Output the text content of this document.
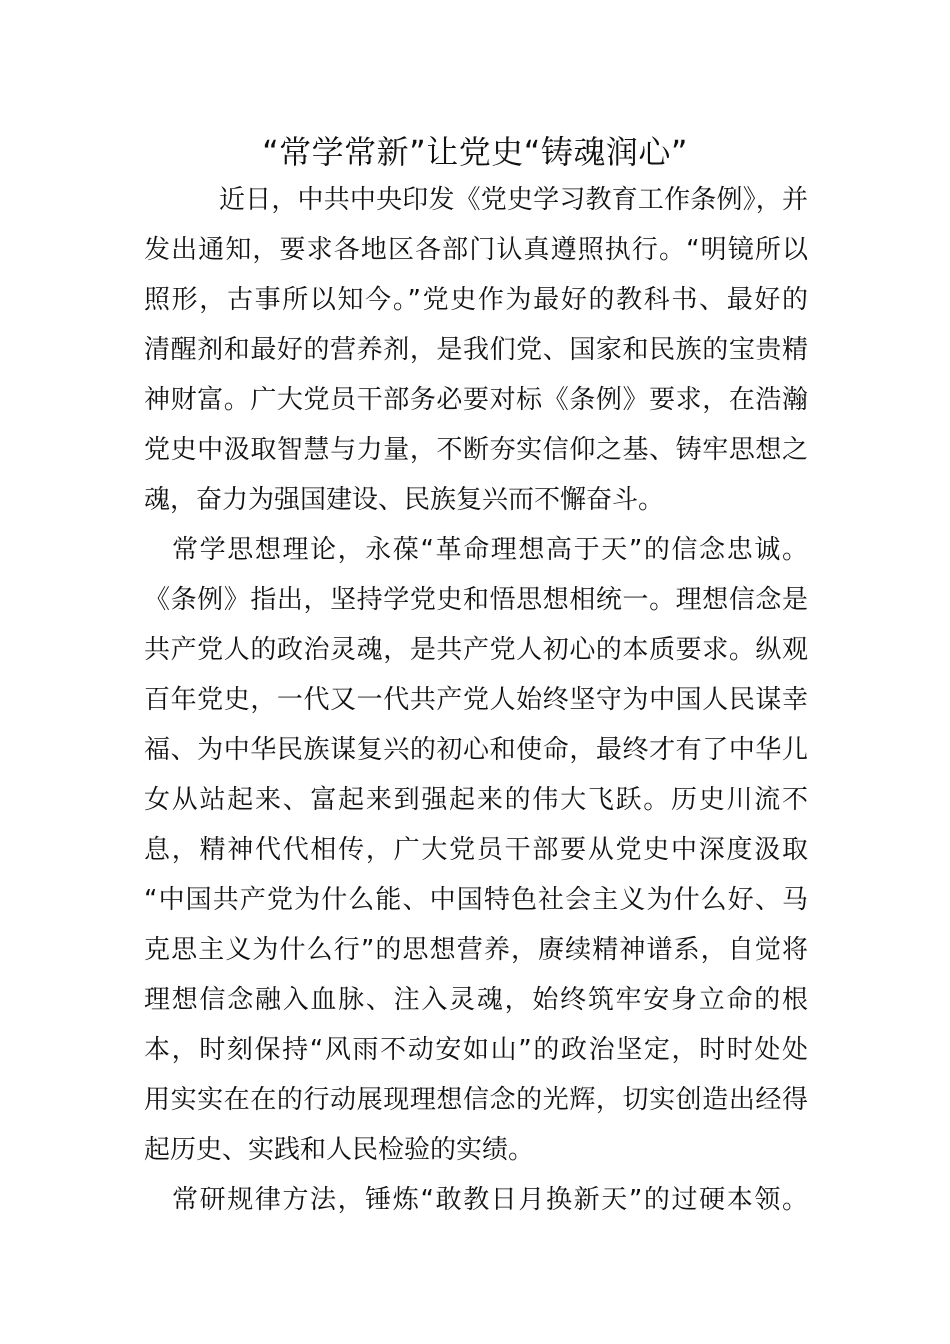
“常学常新”让党史“铸魂润心”
近日，中共中央印发《党史学习教育工作条例》，并
发出通知，要求各地区各部门认真遵照执行。“明镜所以
照形，古事所以知今。”党史作为最好的教科书、最好的
清醒剂和最好的营养剂，是我们党、国家和民族的宝贵精
神财富。广大党员干部务必要对标《条例》要求，在浩瀚
党史中汲取智慧与力量，不断夯实信仰之基、铸牢思想之
魂，奋力为强国建设、民族复兴而不懈奋斗。
常学思想理论，永葆“革命理想高于天”的信念忠诚。
《条例》指出，坚持学党史和悟思想相统一。理想信念是
共产党人的政治灵魂，是共产党人初心的本质要求。纵观
百年党史，一代又一代共产党人始终坚守为中国人民谋幸
福、为中华民族谋复兴的初心和使命，最终才有了中华儿
女从站起来、富起来到强起来的伟大飞跃。历史川流不
息，精神代代相传，广大党员干部要从党史中深度汲取
“中国共产党为什么能、中国特色社会主义为什么好、马
克思主义为什么行”的思想营养，赓续精神谱系，自觉将
理想信念融入血脉、注入灵魂，始终筑牢安身立命的根
本，时刻保持“风雨不动安如山”的政治坚定，时时处处
用实实在在的行动展现理想信念的光辉，切实创造出经得
起历史、实践和人民检验的实绩。
常研规律方法，锤炼“敢教日月换新天”的过硬本领。
